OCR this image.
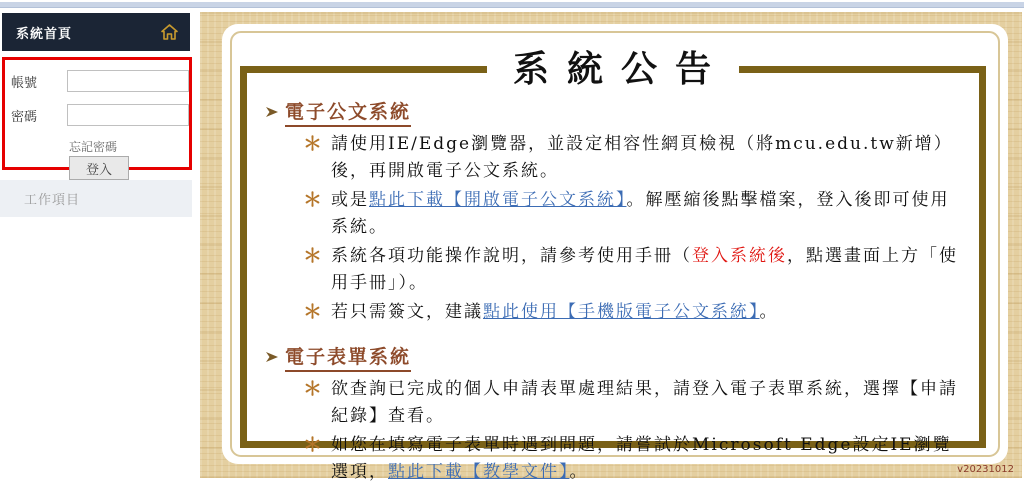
系統首頁
帳號
密碼
忘記密碼
登入
工作項目
系統公告
電子公文系統
＊ 請使用IE/Edge瀏覽器，並設定相容性網頁檢視（將mcu.edu.tw新增）後，再開啟電子公文系統。
＊ 或是點此下載【開啟電子公文系統】。解壓縮後點擊檔案，登入後即可使用系統。
＊ 系統各項功能操作說明，請參考使用手冊（登入系統後，點選畫面上方「使用手冊」）。
＊ 若只需簽文，建議點此使用【手機版電子公文系統】。
電子表單系統
＊ 欲查詢已完成的個人申請表單處理結果，請登入電子表單系統，選擇【申請紀錄】查看。
＊ 如您在填寫電子表單時遇到問題，請嘗試於Microsoft Edge設定IE瀏覽選項，點此下載【教學文件】。	v20231012
